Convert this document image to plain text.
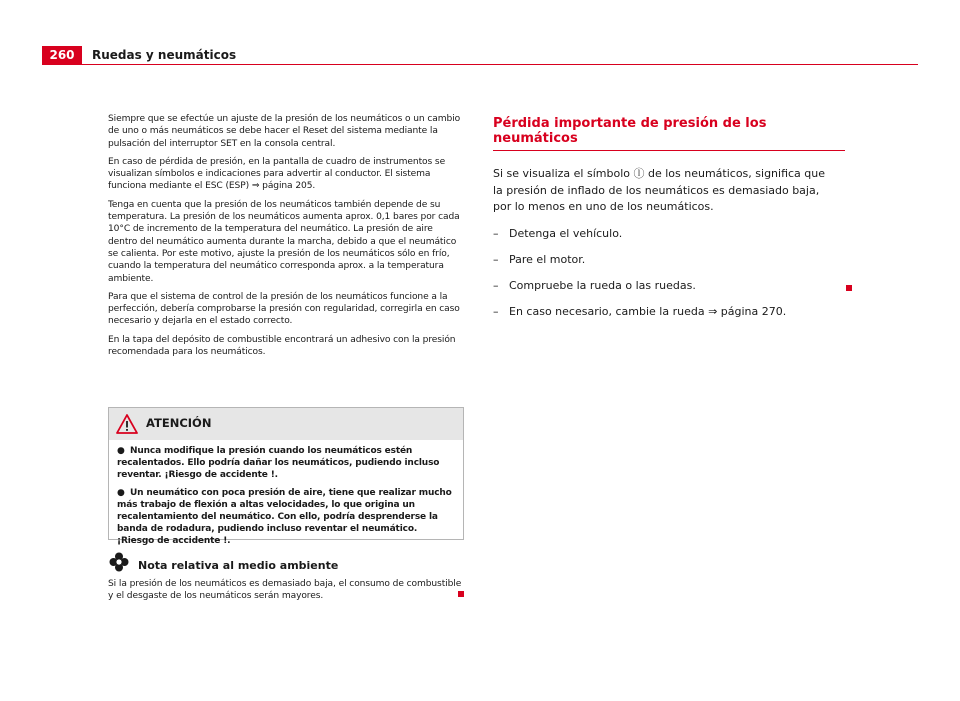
260	Ruedas y neumáticos

Siempre que se efectúe un ajuste de la presión de los neumáticos o un cambio de uno o más neumáticos se debe hacer el Reset del sistema mediante la pulsación del interruptor SET en la consola central.

En caso de pérdida de presión, en la pantalla de cuadro de instrumentos se visualizan símbolos e indicaciones para advertir al conductor. El sistema funciona mediante el ESC (ESP) ⇒ página 205.

Tenga en cuenta que la presión de los neumáticos también depende de su temperatura. La presión de los neumáticos aumenta aprox. 0,1 bares por cada 10°C de incremento de la temperatura del neumático. La presión de aire dentro del neumático aumenta durante la marcha, debido a que el neumático se calienta. Por este motivo, ajuste la presión de los neumáticos sólo en frío, cuando la temperatura del neumático corresponda aprox. a la temperatura ambiente.

Para que el sistema de control de la presión de los neumáticos funcione a la perfección, debería comprobarse la presión con regularidad, corregirla en caso necesario y dejarla en el estado correcto.

En la tapa del depósito de combustible encontrará un adhesivo con la presión recomendada para los neumáticos.

ATENCIÓN

● Nunca modifique la presión cuando los neumáticos estén recalentados. Ello podría dañar los neumáticos, pudiendo incluso reventar. ¡Riesgo de accidente !.

● Un neumático con poca presión de aire, tiene que realizar mucho más trabajo de flexión a altas velocidades, lo que origina un recalentamiento del neumático. Con ello, podría desprenderse la banda de rodadura, pudiendo incluso reventar el neumático. ¡Riesgo de accidente !.

Nota relativa al medio ambiente

Si la presión de los neumáticos es demasiado baja, el consumo de combustible y el desgaste de los neumáticos serán mayores.

Pérdida importante de presión de los neumáticos

Si se visualiza el símbolo ⓛ de los neumáticos, significa que la presión de inflado de los neumáticos es demasiado baja, por lo menos en uno de los neumáticos.

– Detenga el vehículo.
– Pare el motor.
– Compruebe la rueda o las ruedas.
– En caso necesario, cambie la rueda ⇒ página 270.
